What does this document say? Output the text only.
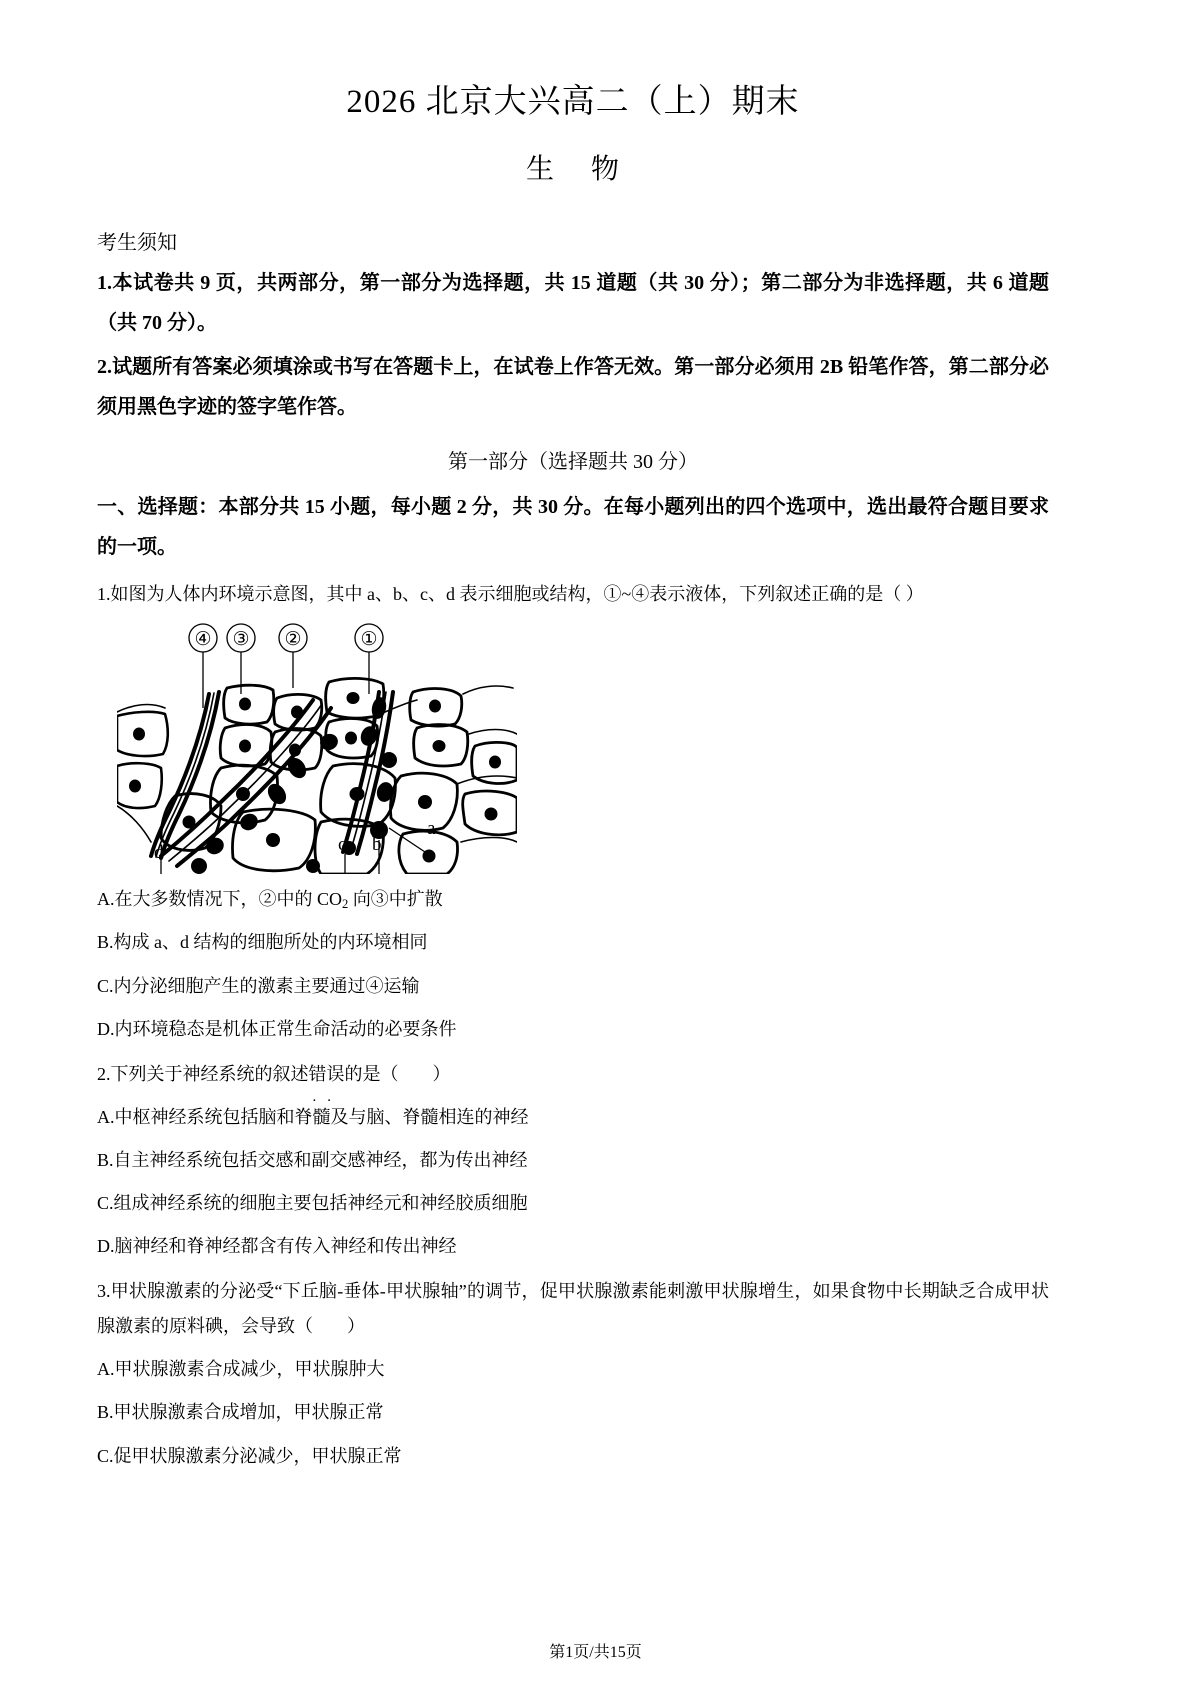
2026 北京大兴高二（上）期末
生 物
考生须知
1.本试卷共 9 页，共两部分，第一部分为选择题，共 15 道题（共 30 分）；第二部分为非选择题，共 6 道题（共 70 分）。
2.试题所有答案必须填涂或书写在答题卡上，在试卷上作答无效。第一部分必须用 2B 铅笔作答，第二部分必须用黑色字迹的签字笔作答。
第一部分（选择题共 30 分）
一、选择题：本部分共 15 小题，每小题 2 分，共 30 分。在每小题列出的四个选项中，选出最符合题目要求的一项。
1.如图为人体内环境示意图，其中 a、b、c、d 表示细胞或结构，①~④表示液体，下列叙述正确的是（ ）
④ ③ ②	①
d	c b
a
A.在大多数情况下，②中的 $CO_2$ 向③中扩散
B.构成 a、d 结构的细胞所处的内环境相同
C.内分泌细胞产生的激素主要通过④运输
D.内环境稳态是机体正常生命活动的必要条件
2.下列关于神经系统的叙述错误 ..的是（ ）
A.中枢神经系统包括脑和脊髓及与脑、脊髓相连的神经
B.自主神经系统包括交感和副交感神经，都为传出神经
C.组成神经系统的细胞主要包括神经元和神经胶质细胞
D.脑神经和脊神经都含有传入神经和传出神经
3.甲状腺激素的分泌受“下丘脑-垂体-甲状腺轴”的调节，促甲状腺激素能刺激甲状腺增生，如果食物中长期缺乏合成甲状腺激素的原料碘，会导致（ ）
A.甲状腺激素合成减少，甲状腺肿大
B.甲状腺激素合成增加，甲状腺正常
C.促甲状腺激素分泌减少，甲状腺正常
第1页/共15页
